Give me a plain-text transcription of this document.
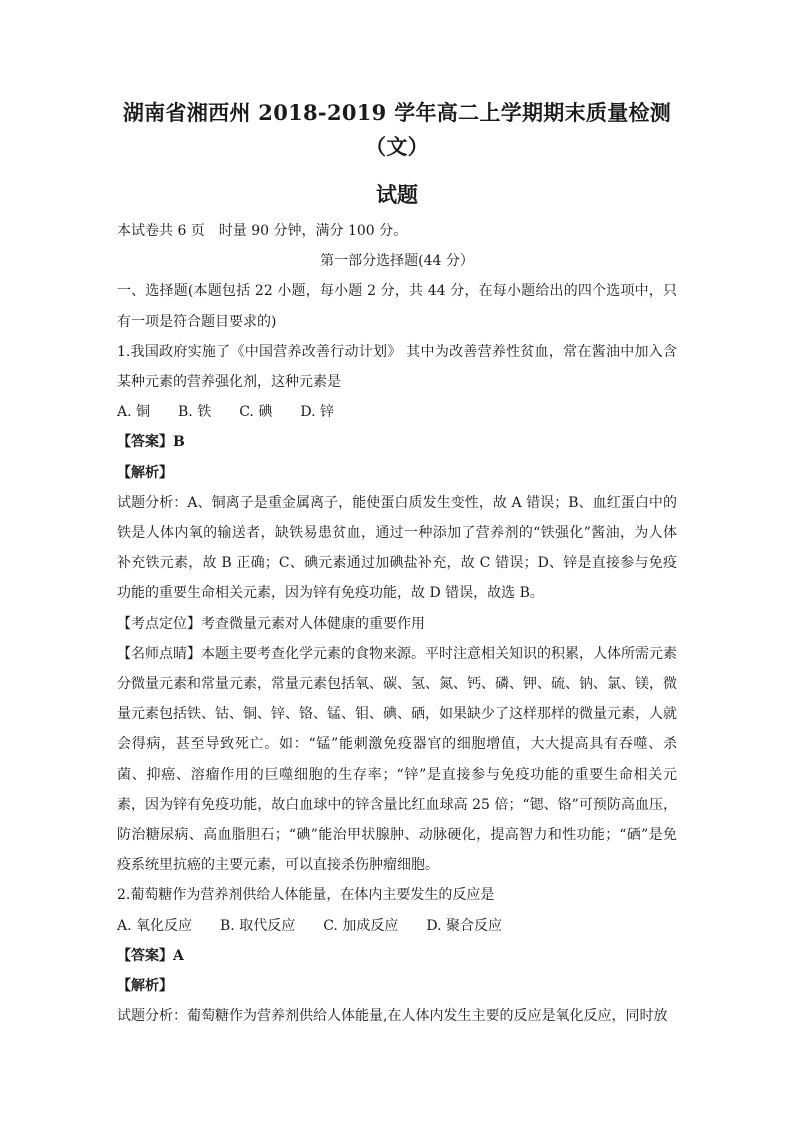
湖南省湘西州 2018-2019 学年高二上学期期末质量检测（文）

试题

本试卷共 6 页　时量 90 分钟，满分 100 分。

第一部分选择题(44 分）

一、选择题(本题包括 22 小题，每小题 2 分，共 44 分，在每小题给出的四个选项中，只有一项是符合题目要求的)

1.我国政府实施了《中国营养改善行动计划》 其中为改善营养性贫血，常在酱油中加入含某种元素的营养强化剂，这种元素是

A. 铜 B. 铁 C. 碘 D. 锌

【答案】B

【解析】

试题分析：A、铜离子是重金属离子，能使蛋白质发生变性，故 A 错误；B、血红蛋白中的铁是人体内氧的输送者，缺铁易患贫血，通过一种添加了营养剂的“铁强化”酱油，为人体补充铁元素，故 B 正确；C、碘元素通过加碘盐补充，故 C 错误；D、锌是直接参与免疫功能的重要生命相关元素，因为锌有免疫功能，故 D 错误，故选 B。

【考点定位】考查微量元素对人体健康的重要作用

【名师点睛】本题主要考查化学元素的食物来源。平时注意相关知识的积累，人体所需元素分微量元素和常量元素，常量元素包括氧、碳、氢、氮、钙、磷、钾、硫、钠、氯、镁，微量元素包括铁、钴、铜、锌、铬、锰、钼、碘、硒，如果缺少了这样那样的微量元素，人就会得病，甚至导致死亡。如：“锰”能刺激免疫器官的细胞增值，大大提高具有吞噬、杀菌、抑癌、溶瘤作用的巨噬细胞的生存率；“锌”是直接参与免疫功能的重要生命相关元素，因为锌有免疫功能，故白血球中的锌含量比红血球高 25 倍；“锶、铬”可预防高血压，防治糖尿病、高血脂胆石；“碘”能治甲状腺肿、动脉硬化，提高智力和性功能；“硒”是免疫系统里抗癌的主要元素，可以直接杀伤肿瘤细胞。

2.葡萄糖作为营养剂供给人体能量，在体内主要发生的反应是

A. 氧化反应 B. 取代反应 C. 加成反应 D. 聚合反应

【答案】A

【解析】

试题分析：葡萄糖作为营养剂供给人体能量,在人体内发生主要的反应是氧化反应，同时放
